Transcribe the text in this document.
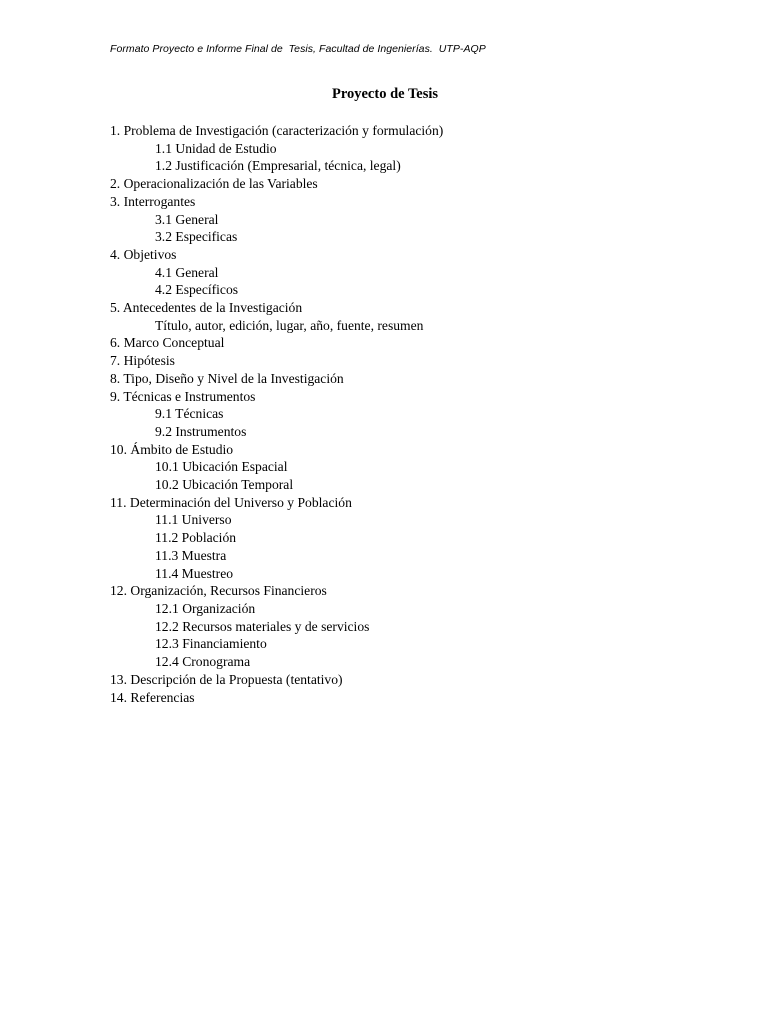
Formato Proyecto e Informe Final de  Tesis, Facultad de Ingenierías.  UTP-AQP
Proyecto de Tesis
1. Problema de Investigación (caracterización y formulación)
1.1 Unidad de Estudio
1.2 Justificación (Empresarial, técnica, legal)
2. Operacionalización de las Variables
3. Interrogantes
3.1 General
3.2 Especificas
4. Objetivos
4.1 General
4.2 Específicos
5. Antecedentes de la Investigación
Título, autor, edición, lugar, año, fuente, resumen
6. Marco Conceptual
7. Hipótesis
8. Tipo, Diseño y Nivel de la Investigación
9. Técnicas e Instrumentos
9.1 Técnicas
9.2 Instrumentos
10. Ámbito de Estudio
10.1 Ubicación Espacial
10.2 Ubicación Temporal
11. Determinación del Universo y Población
11.1 Universo
11.2 Población
11.3 Muestra
11.4 Muestreo
12. Organización, Recursos Financieros
12.1 Organización
12.2 Recursos materiales y de servicios
12.3 Financiamiento
12.4 Cronograma
13. Descripción de la Propuesta (tentativo)
14. Referencias
